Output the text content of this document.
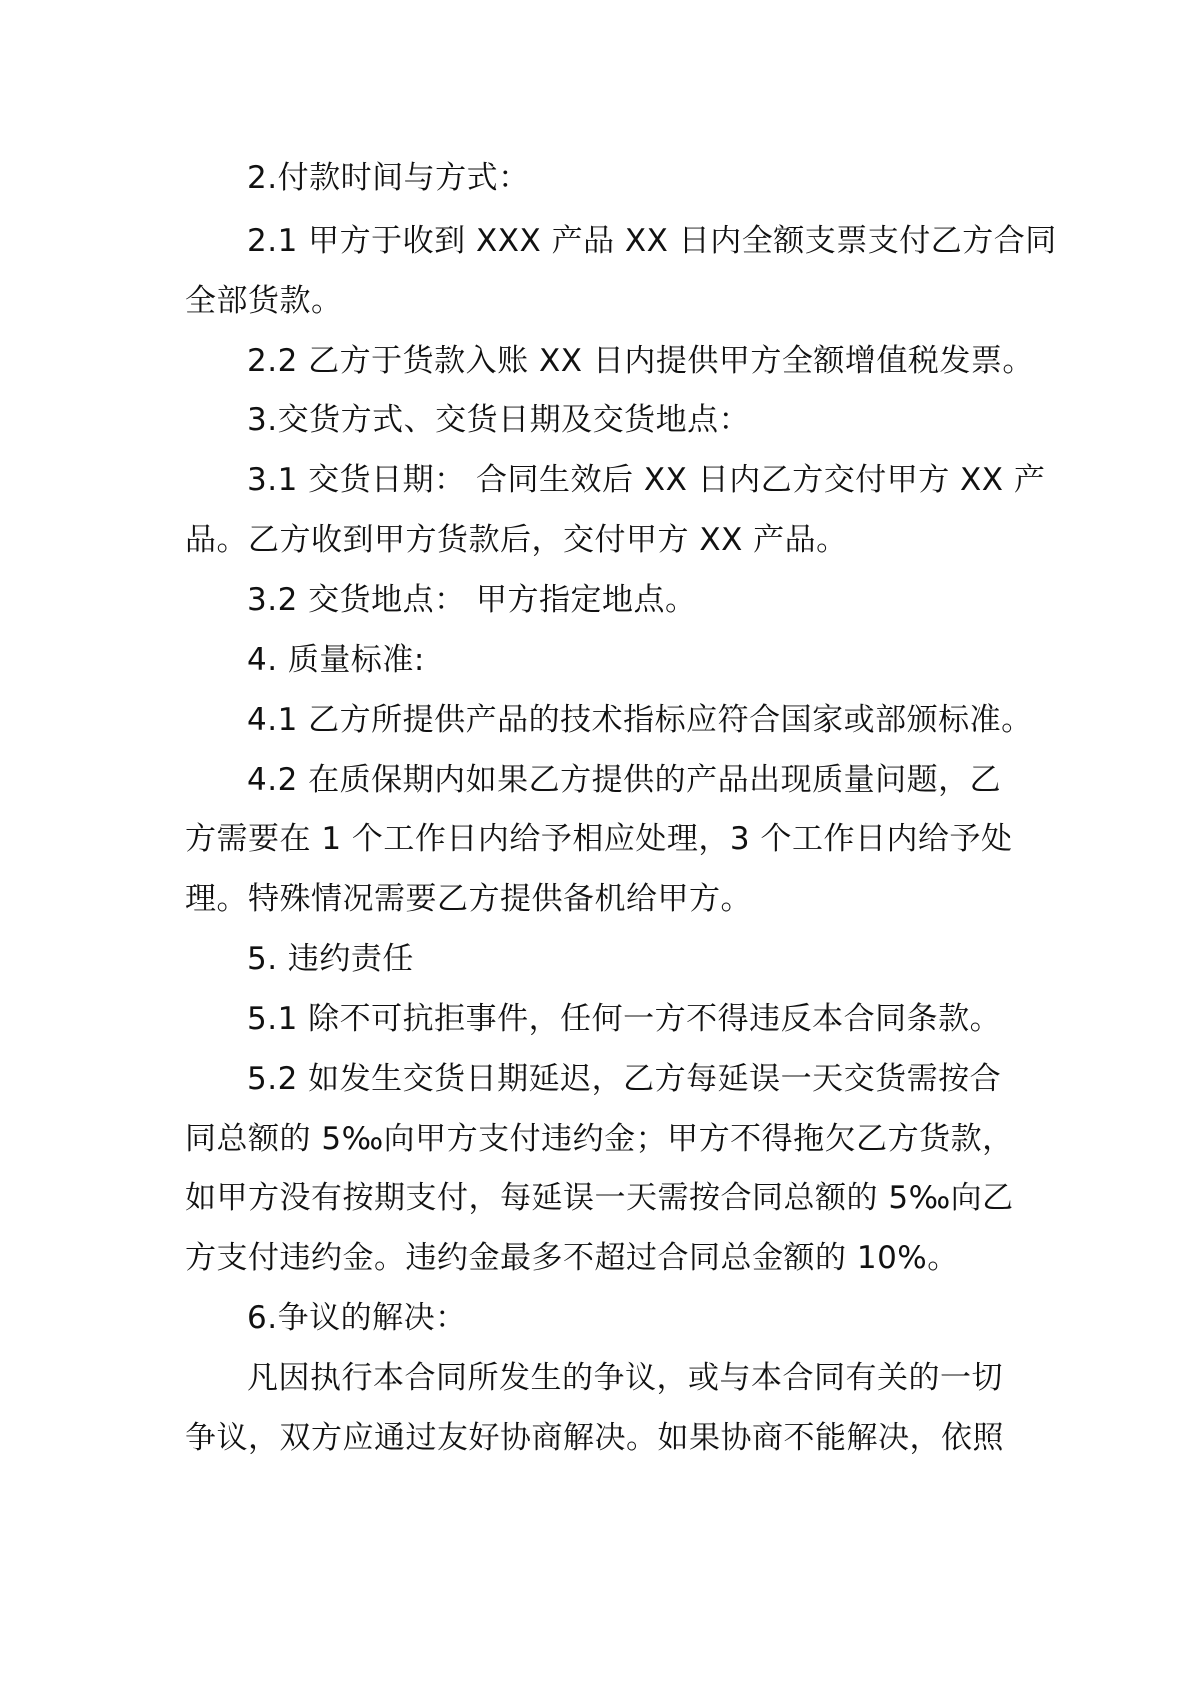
2.付款时间与方式：
2.1 甲方于收到 XXX 产品 XX 日内全额支票支付乙方合同
全部货款。
2.2 乙方于货款入账 XX 日内提供甲方全额增值税发票。
3.交货方式、交货日期及交货地点：
3.1 交货日期： 合同生效后 XX 日内乙方交付甲方 XX 产
品。乙方收到甲方货款后，交付甲方 XX 产品。
3.2 交货地点： 甲方指定地点。
4. 质量标准:
4.1 乙方所提供产品的技术指标应符合国家或部颁标准。
4.2 在质保期内如果乙方提供的产品出现质量问题，乙
方需要在 1 个工作日内给予相应处理，3 个工作日内给予处
理。特殊情况需要乙方提供备机给甲方。
5. 违约责任
5.1 除不可抗拒事件，任何一方不得违反本合同条款。
5.2 如发生交货日期延迟，乙方每延误一天交货需按合
同总额的 5‰向甲方支付违约金；甲方不得拖欠乙方货款，
如甲方没有按期支付，每延误一天需按合同总额的 5‰向乙
方支付违约金。违约金最多不超过合同总金额的 10%。
6.争议的解决：
凡因执行本合同所发生的争议，或与本合同有关的一切
争议，双方应通过友好协商解决。如果协商不能解决，依照
